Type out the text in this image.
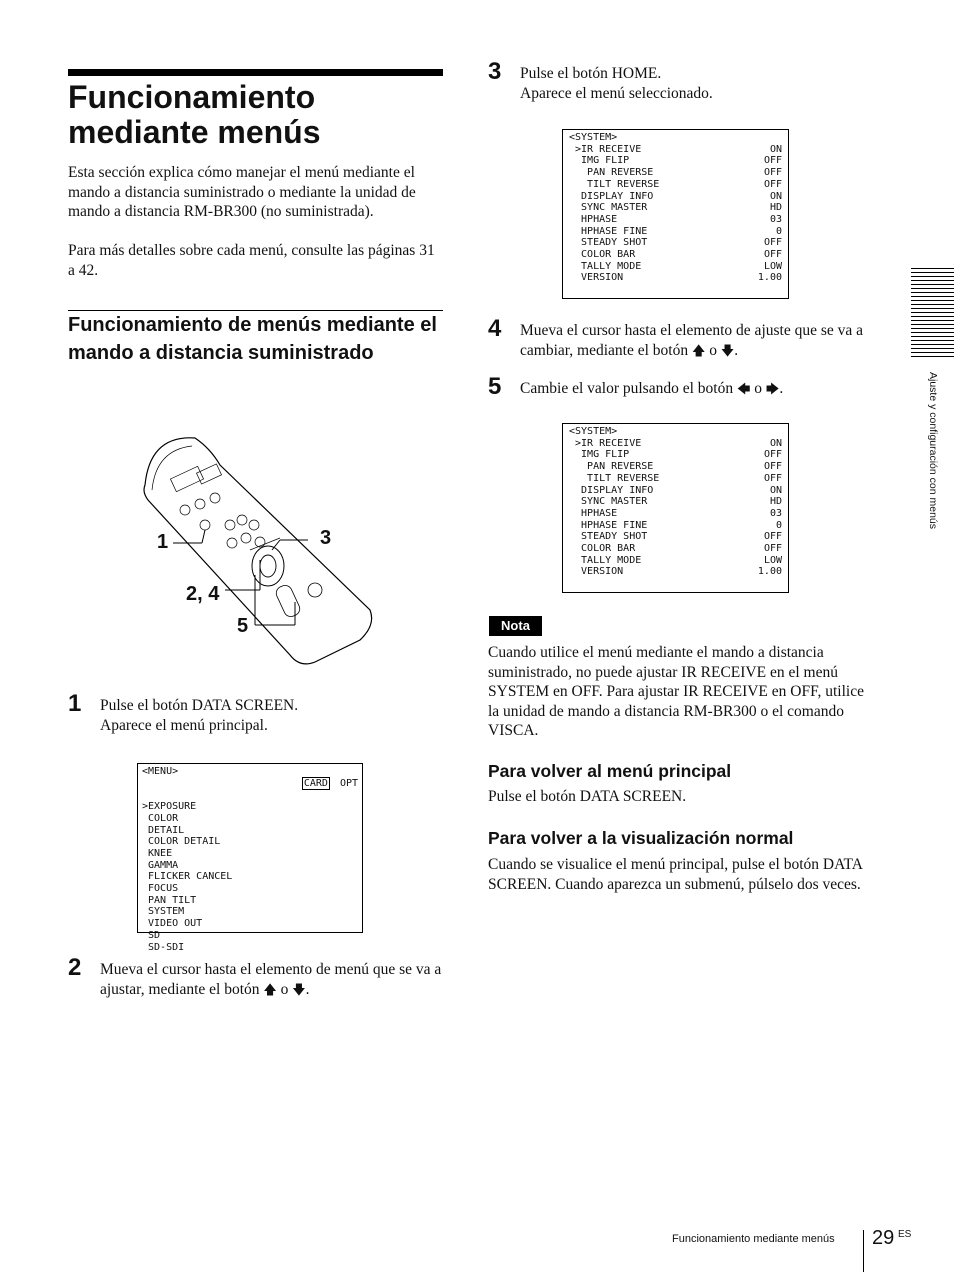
Funcionamiento
mediante menús
Esta sección explica cómo manejar el menú mediante el mando a distancia suministrado o mediante la unidad de mando a distancia RM-BR300 (no suministrada).
Para más detalles sobre cada menú, consulte las páginas 31 a 42.
Funcionamiento de menús mediante el mando a distancia suministrado
1	3
2, 4
5
1 Pulse el botón DATA SCREEN.
Aparece el menú principal.
<MENU>

CARD OPT

>EXPOSURE
COLOR
DETAIL
COLOR DETAIL
KNEE
GAMMA
FLICKER CANCEL
FOCUS
PAN TILT
SYSTEM
VIDEO OUT
SD
SD-SDI
2 Mueva el cursor hasta el elemento de menú que se va a ajustar, mediante el botón 🡅 o 🡇.
3 Pulse el botón HOME.
Aparece el menú seleccionado.
<SYSTEM>
>IR RECEIVE	ON
IMG FLIP	OFF
PAN REVERSE	OFF
TILT REVERSE	OFF
DISPLAY INFO	ON
SYNC MASTER	HD
HPHASE	03
HPHASE FINE	0
STEADY SHOT	OFF
COLOR BAR	OFF
TALLY MODE	LOW
VERSION	1.00
4 Mueva el cursor hasta el elemento de ajuste que se va a cambiar, mediante el botón 🡅 o 🡇.
5 Cambie el valor pulsando el botón 🡄 o 🡆.
<SYSTEM>
>IR RECEIVE	ON
IMG FLIP	OFF
PAN REVERSE	OFF
TILT REVERSE	OFF
DISPLAY INFO	ON
SYNC MASTER	HD
HPHASE	03
HPHASE FINE	0
STEADY SHOT	OFF
COLOR BAR	OFF
TALLY MODE	LOW
VERSION	1.00
Nota
Cuando utilice el menú mediante el mando a distancia suministrado, no puede ajustar IR RECEIVE en el menú SYSTEM en OFF. Para ajustar IR RECEIVE en OFF, utilice la unidad de mando a distancia RM-BR300 o el comando VISCA.
Para volver al menú principal
Pulse el botón DATA SCREEN.
Para volver a la visualización normal
Cuando se visualice el menú principal, pulse el botón DATA SCREEN. Cuando aparezca un submenú, púlselo dos veces.
Ajuste y configuración con menús
Funcionamiento mediante menús 29 ES
